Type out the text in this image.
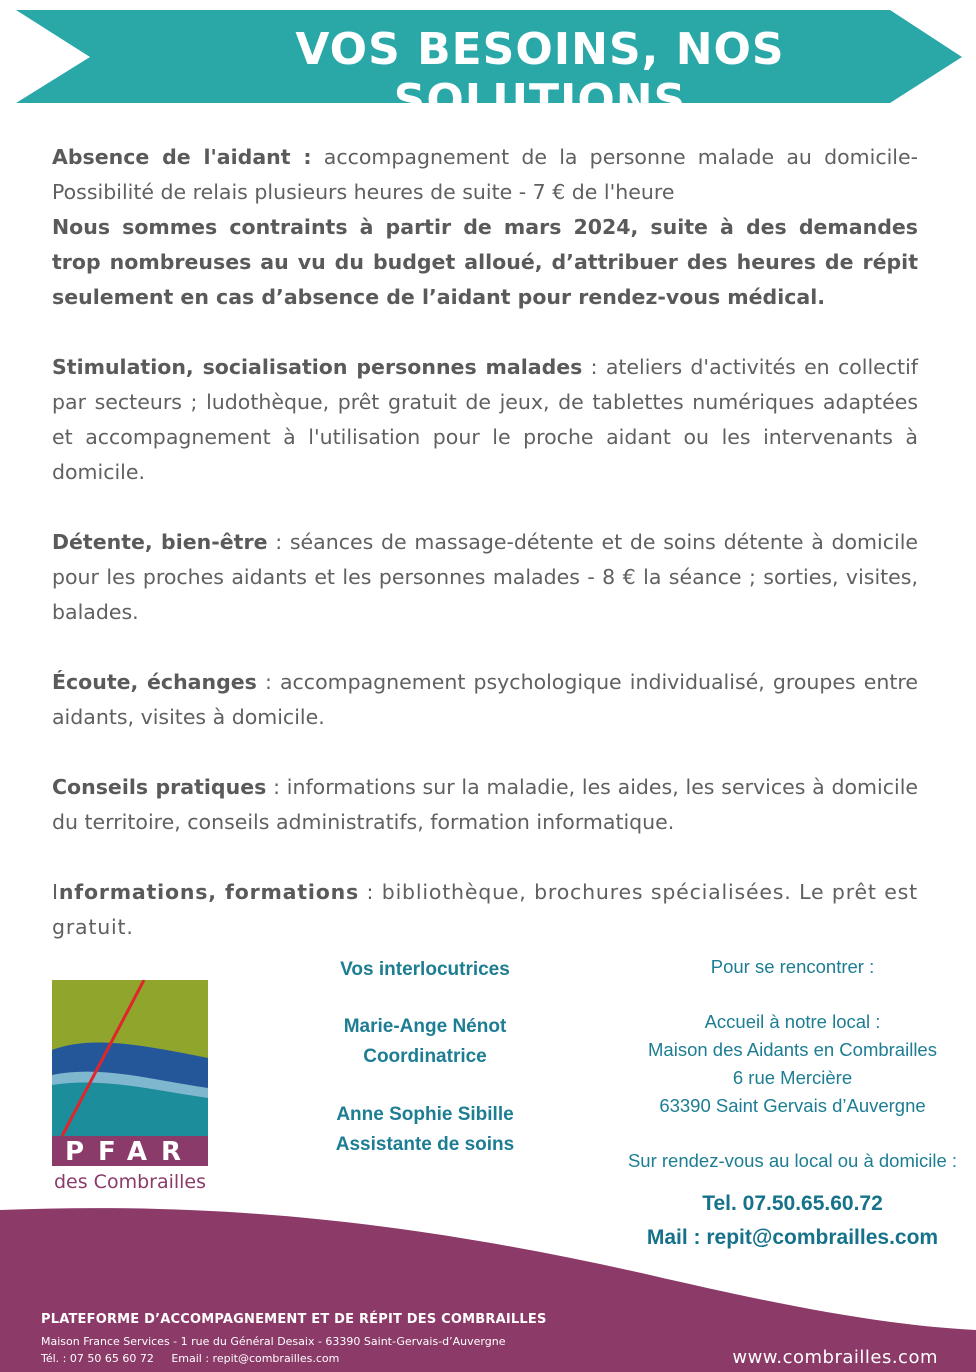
VOS BESOINS, NOS SOLUTIONS

Absence de l'aidant : accompagnement de la personne malade au domicile- Possibilité de relais plusieurs heures de suite - 7 € de l'heure
Nous sommes contraints à partir de mars 2024, suite à des demandes trop nombreuses au vu du budget alloué, d’attribuer des heures de répit seulement en cas d’absence de l’aidant pour rendez-vous médical.

Stimulation, socialisation personnes malades : ateliers d'activités en collectif par secteurs ; ludothèque, prêt gratuit de jeux, de tablettes numériques adaptées et accompagnement à l'utilisation pour le proche aidant ou les intervenants à domicile.

Détente, bien-être : séances de massage-détente et de soins détente à domicile pour les proches aidants et les personnes malades - 8 € la séance ; sorties, visites, balades.

Écoute, échanges : accompagnement psychologique individualisé, groupes entre aidants, visites à domicile.

Conseils pratiques : informations sur la maladie, les aides, les services à domicile du territoire, conseils administratifs, formation informatique.

Informations, formations : bibliothèque, brochures spécialisées. Le prêt est gratuit.

PFAR
des Combrailles
Vos interlocutrices
Marie-Ange Nénot
Coordinatrice
Anne Sophie Sibille
Assistante de soins
Pour se rencontrer :
Accueil à notre local :
Maison des Aidants en Combrailles
6 rue Mercière
63390 Saint Gervais d’Auvergne
Sur rendez-vous au local ou à domicile :
Tel. 07.50.65.60.72
Mail : repit@combrailles.com
PLATEFORME D’ACCOMPAGNEMENT ET DE RÉPIT DES COMBRAILLES
Maison France Services - 1 rue du Général Desaix - 63390 Saint-Gervais-d’Auvergne
Tél. : 07 50 65 60 72     Email : repit@combrailles.com	www.combrailles.com
